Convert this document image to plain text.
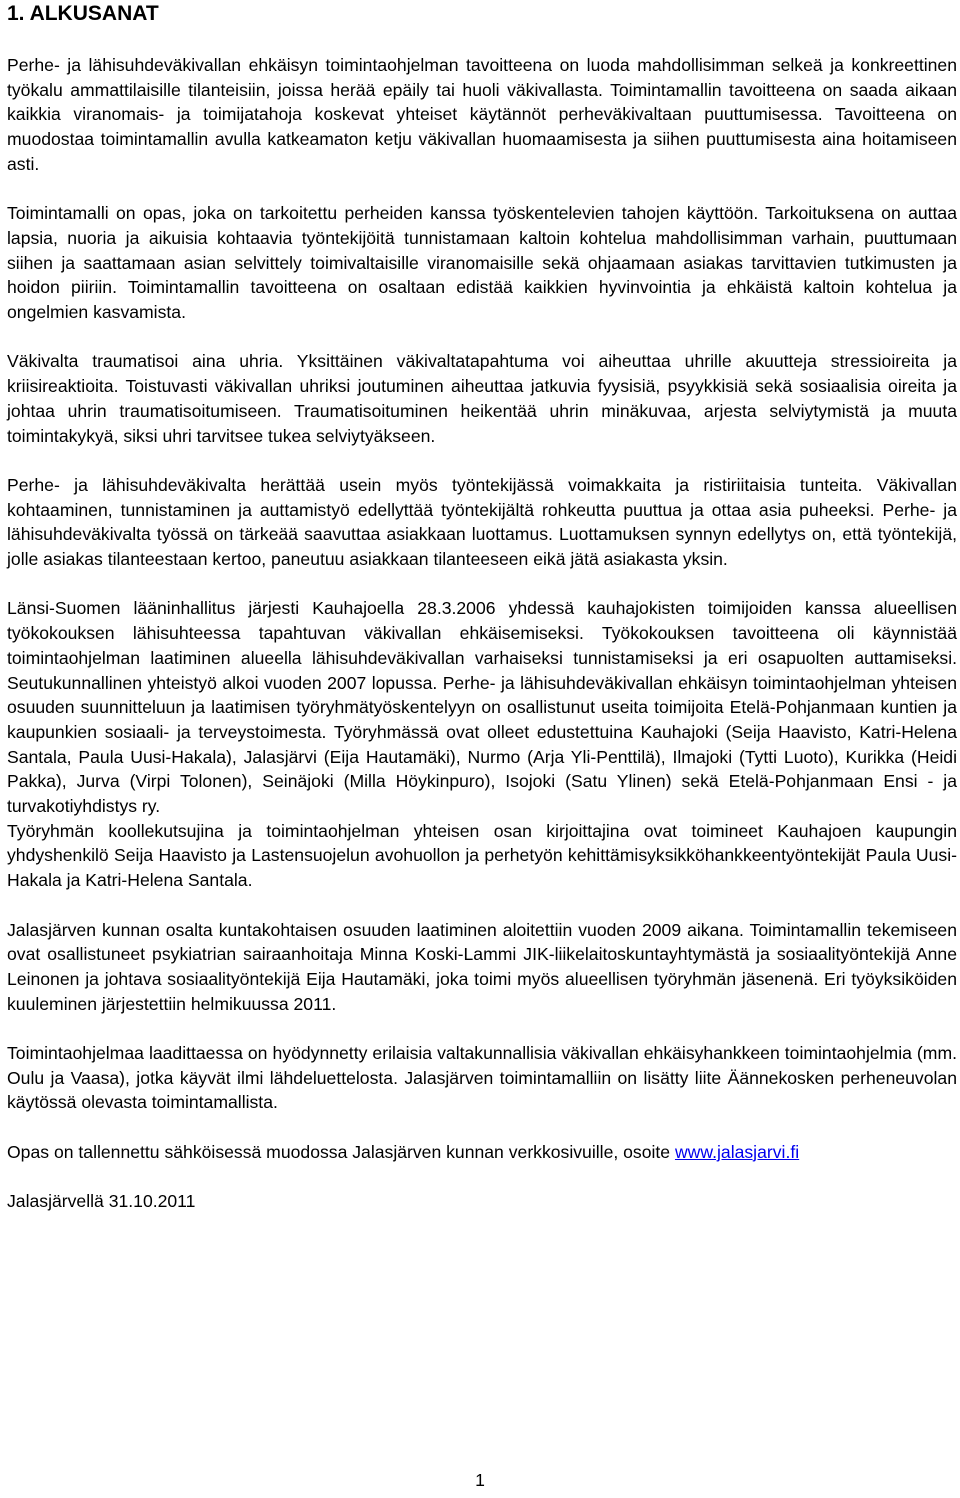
1. ALKUSANAT

Perhe- ja lähisuhdeväkivallan ehkäisyn toimintaohjelman tavoitteena on luoda mahdollisimman selkeä ja konkreettinen työkalu ammattilaisille tilanteisiin, joissa herää epäily tai huoli väkivallasta. Toimintamallin tavoitteena on saada aikaan kaikkia viranomais- ja toimijatahoja koskevat yhteiset käytännöt perheväkivaltaan puuttumisessa. Tavoitteena on muodostaa toimintamallin avulla katkeamaton ketju väkivallan huomaamisesta ja siihen puuttumisesta aina hoitamiseen asti.

Toimintamalli on opas, joka on tarkoitettu perheiden kanssa työskentelevien tahojen käyttöön. Tarkoituksena on auttaa lapsia, nuoria ja aikuisia kohtaavia työntekijöitä tunnistamaan kaltoin kohtelua mahdollisimman varhain, puuttumaan siihen ja saattamaan asian selvittely toimivaltaisille viranomaisille sekä ohjaamaan asiakas tarvittavien tutkimusten ja hoidon piiriin. Toimintamallin tavoitteena on osaltaan edistää kaikkien hyvinvointia ja ehkäistä kaltoin kohtelua ja ongelmien kasvamista.

Väkivalta traumatisoi aina uhria. Yksittäinen väkivaltatapahtuma voi aiheuttaa uhrille akuutteja stressioireita ja kriisireaktioita. Toistuvasti väkivallan uhriksi joutuminen aiheuttaa jatkuvia fyysisiä, psyykkisiä sekä sosiaalisia oireita ja johtaa uhrin traumatisoitumiseen. Traumatisoituminen heikentää uhrin minäkuvaa, arjesta selviytymistä ja muuta toimintakykyä, siksi uhri tarvitsee tukea selviytyäkseen.

Perhe- ja lähisuhdeväkivalta herättää usein myös työntekijässä voimakkaita ja ristiriitaisia tunteita. Väkivallan kohtaaminen, tunnistaminen ja auttamistyö edellyttää työntekijältä rohkeutta puuttua ja ottaa asia puheeksi. Perhe- ja lähisuhdeväkivalta työssä on tärkeää saavuttaa asiakkaan luottamus. Luottamuksen synnyn edellytys on, että työntekijä, jolle asiakas tilanteestaan kertoo, paneutuu asiakkaan tilanteeseen eikä jätä asiakasta yksin.

Länsi-Suomen lääninhallitus järjesti Kauhajoella 28.3.2006 yhdessä kauhajokisten toimijoiden kanssa alueellisen työkokouksen lähisuhteessa tapahtuvan väkivallan ehkäisemiseksi. Työkokouksen tavoitteena oli käynnistää toimintaohjelman laatiminen alueella lähisuhdeväkivallan varhaiseksi tunnistamiseksi ja eri osapuolten auttamiseksi. Seutukunnallinen yhteistyö alkoi vuoden 2007 lopussa. Perhe- ja lähisuhdeväkivallan ehkäisyn toimintaohjelman yhteisen osuuden suunnitteluun ja laatimisen työryhmätyöskentelyyn on osallistunut useita toimijoita Etelä-Pohjanmaan kuntien ja kaupunkien sosiaali- ja terveystoimesta. Työryhmässä ovat olleet edustettuina Kauhajoki (Seija Haavisto, Katri-Helena Santala, Paula Uusi-Hakala), Jalasjärvi (Eija Hautamäki), Nurmo (Arja Yli-Penttilä), Ilmajoki (Tytti Luoto), Kurikka (Heidi Pakka), Jurva (Virpi Tolonen), Seinäjoki (Milla Höykinpuro), Isojoki (Satu Ylinen) sekä Etelä-Pohjanmaan Ensi - ja turvakotiyhdistys ry.

Työryhmän koollekutsujina ja toimintaohjelman yhteisen osan kirjoittajina ovat toimineet Kauhajoen kaupungin yhdyshenkilö Seija Haavisto ja Lastensuojelun avohuollon ja perhetyön kehittämisyksikköhankkeentyöntekijät Paula Uusi-Hakala ja Katri-Helena Santala.

Jalasjärven kunnan osalta kuntakohtaisen osuuden laatiminen aloitettiin vuoden 2009 aikana. Toimintamallin tekemiseen ovat osallistuneet psykiatrian sairaanhoitaja Minna Koski-Lammi JIK-liikelaitoskuntayhtymästä ja sosiaalityöntekijä Anne Leinonen ja johtava sosiaalityöntekijä Eija Hautamäki, joka toimi myös alueellisen työryhmän jäsenenä. Eri työyksiköiden kuuleminen järjestettiin helmikuussa 2011.

Toimintaohjelmaa laadittaessa on hyödynnetty erilaisia valtakunnallisia väkivallan ehkäisyhankkeen toimintaohjelmia (mm. Oulu ja Vaasa), jotka käyvät ilmi lähdeluettelosta. Jalasjärven toimintamalliin on lisätty liite Äännekosken perheneuvolan käytössä olevasta toimintamallista.

Opas on tallennettu sähköisessä muodossa Jalasjärven kunnan verkkosivuille, osoite www.jalasjarvi.fi

Jalasjärvellä 31.10.2011

1
